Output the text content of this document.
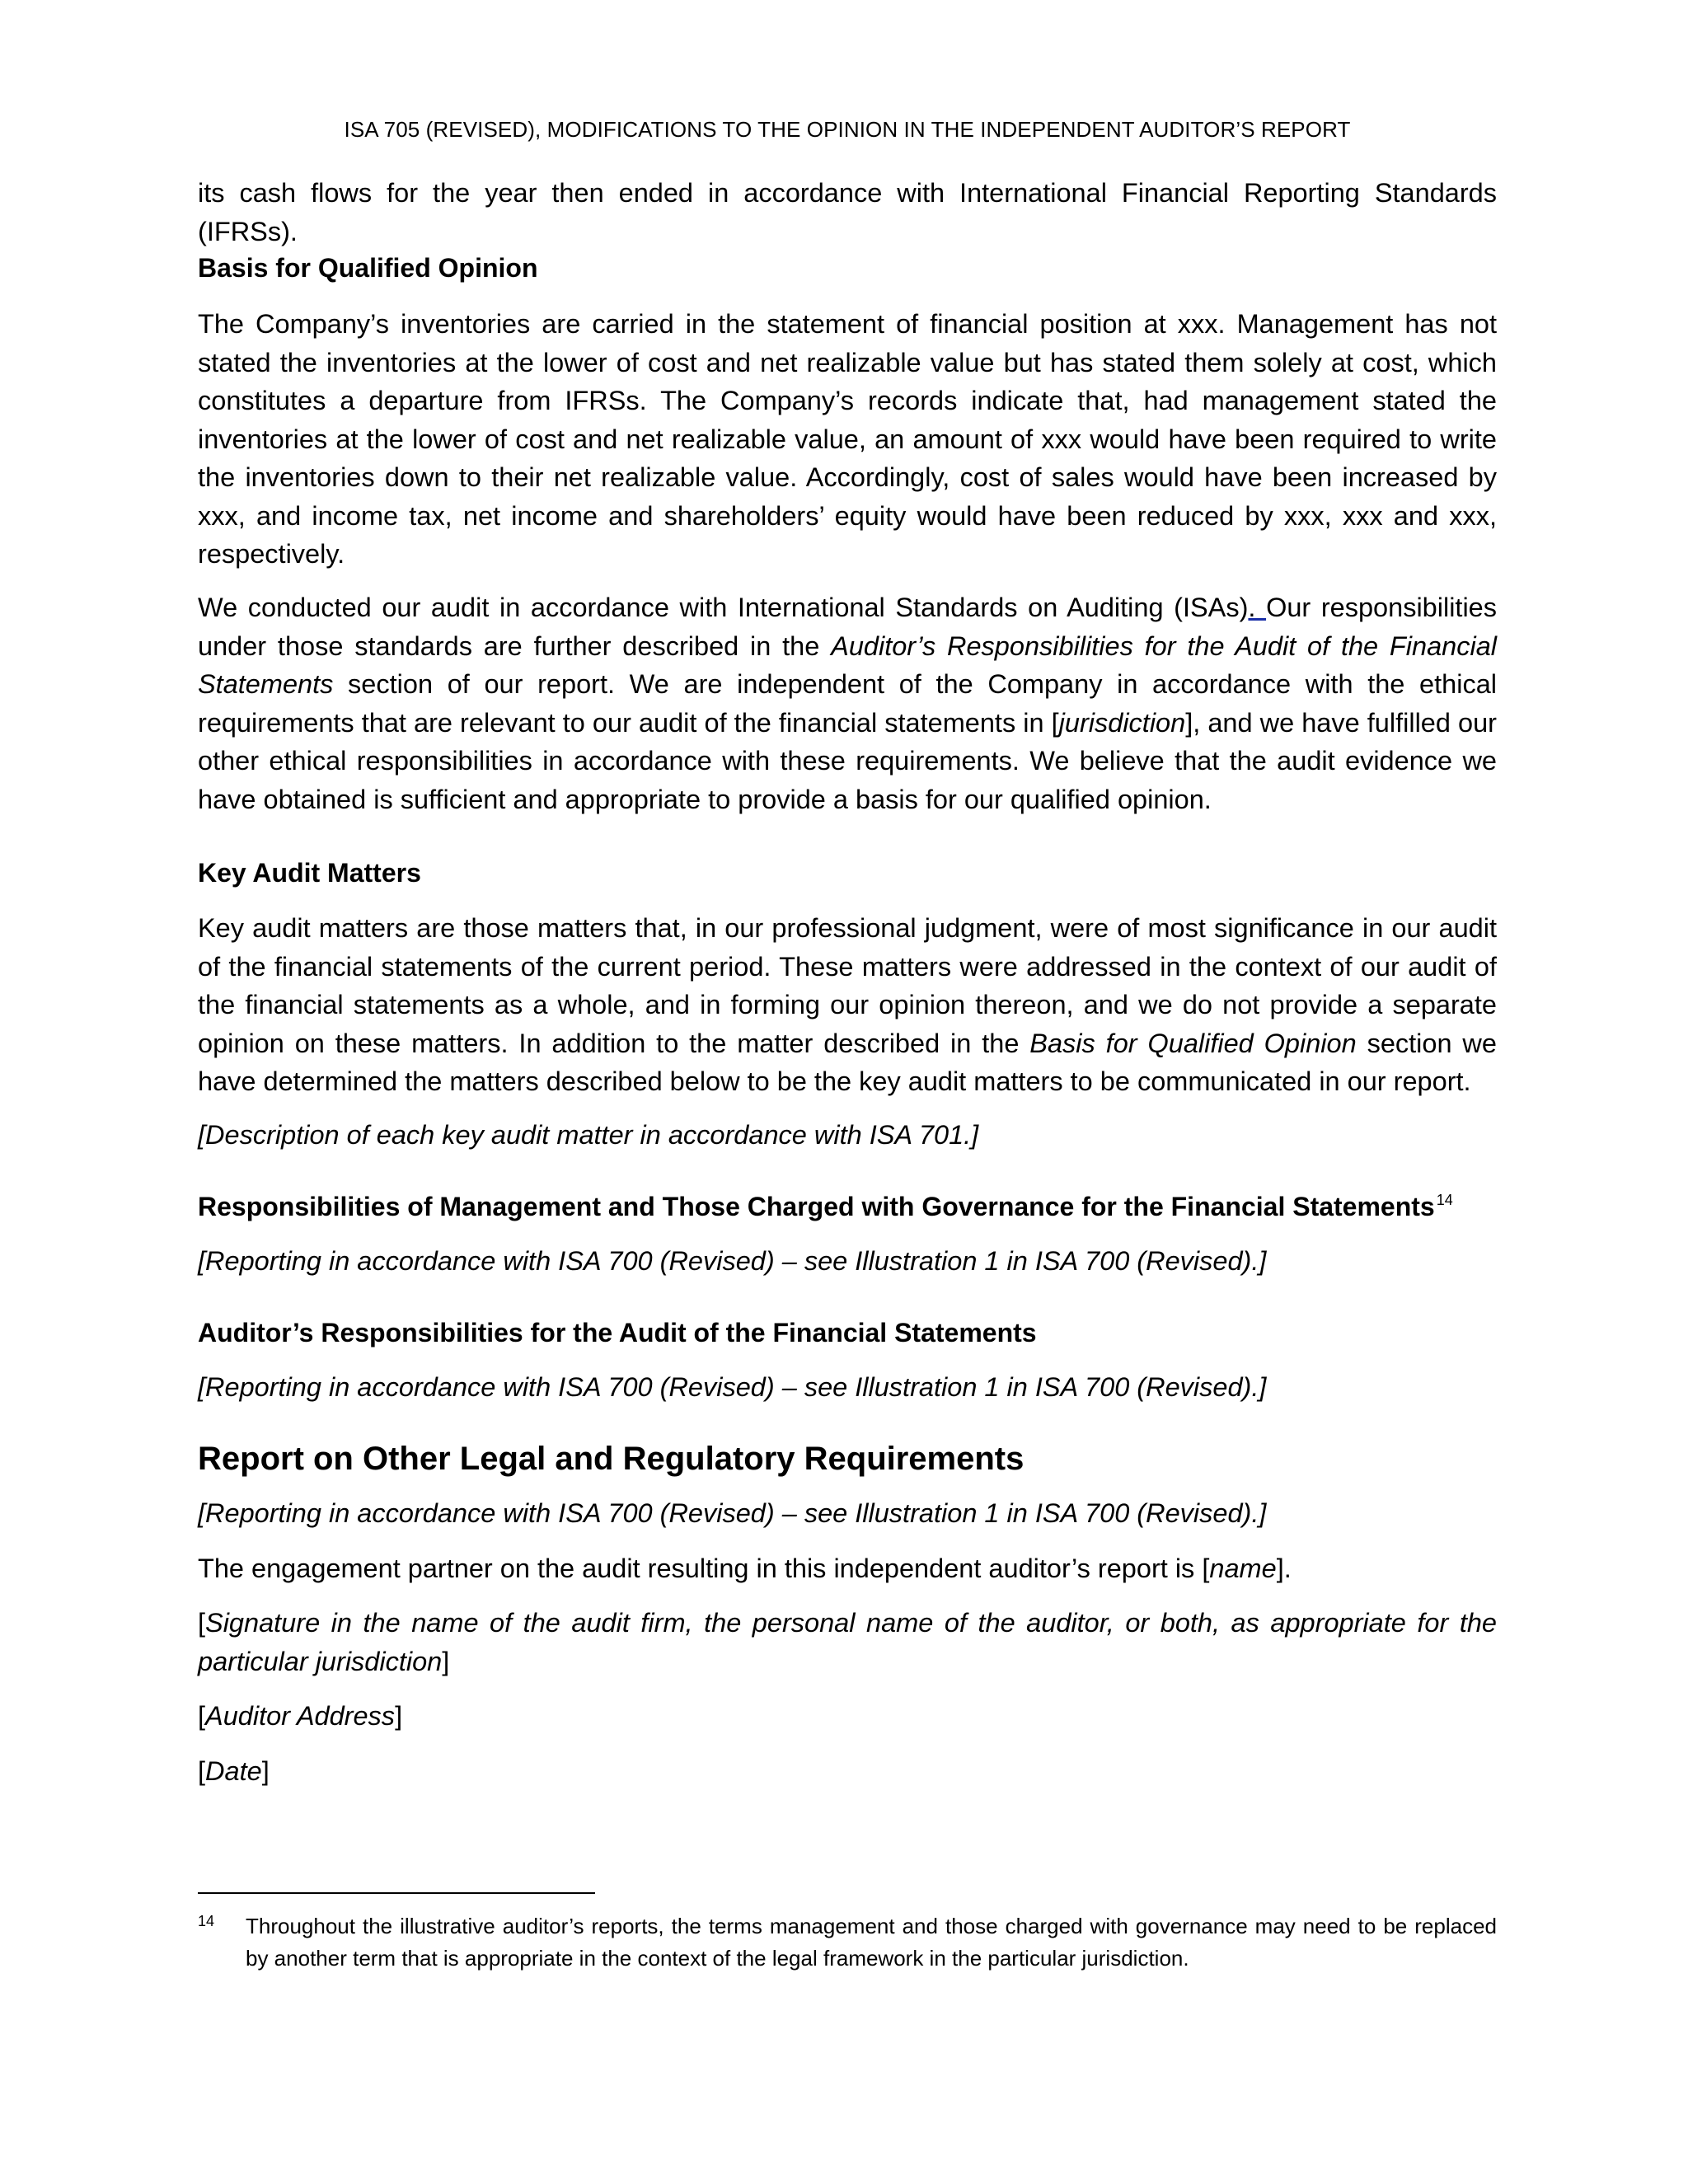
ISA 705 (REVISED), MODIFICATIONS TO THE OPINION IN THE INDEPENDENT AUDITOR’S REPORT

its cash flows for the year then ended in accordance with International Financial Reporting Standards (IFRSs).

Basis for Qualified Opinion

The Company’s inventories are carried in the statement of financial position at xxx. Management has not stated the inventories at the lower of cost and net realizable value but has stated them solely at cost, which constitutes a departure from IFRSs. The Company’s records indicate that, had management stated the inventories at the lower of cost and net realizable value, an amount of xxx would have been required to write the inventories down to their net realizable value. Accordingly, cost of sales would have been increased by xxx, and income tax, net income and shareholders’ equity would have been reduced by xxx, xxx and xxx, respectively.

We conducted our audit in accordance with International Standards on Auditing (ISAs). Our responsibilities under those standards are further described in the Auditor’s Responsibilities for the Audit of the Financial Statements section of our report. We are independent of the Company in accordance with the ethical requirements that are relevant to our audit of the financial statements in [jurisdiction], and we have fulfilled our other ethical responsibilities in accordance with these requirements. We believe that the audit evidence we have obtained is sufficient and appropriate to provide a basis for our qualified opinion.

Key Audit Matters

Key audit matters are those matters that, in our professional judgment, were of most significance in our audit of the financial statements of the current period. These matters were addressed in the context of our audit of the financial statements as a whole, and in forming our opinion thereon, and we do not provide a separate opinion on these matters. In addition to the matter described in the Basis for Qualified Opinion section we have determined the matters described below to be the key audit matters to be communicated in our report.

[Description of each key audit matter in accordance with ISA 701.]

Responsibilities of Management and Those Charged with Governance for the Financial Statements $^{14}$

[Reporting in accordance with ISA 700 (Revised) – see Illustration 1 in ISA 700 (Revised).]

Auditor’s Responsibilities for the Audit of the Financial Statements

[Reporting in accordance with ISA 700 (Revised) – see Illustration 1 in ISA 700 (Revised).]

Report on Other Legal and Regulatory Requirements

[Reporting in accordance with ISA 700 (Revised) – see Illustration 1 in ISA 700 (Revised).]

The engagement partner on the audit resulting in this independent auditor’s report is [name].

[Signature in the name of the audit firm, the personal name of the auditor, or both, as appropriate for the particular jurisdiction]

[Auditor Address]

[Date]

14 Throughout the illustrative auditor’s reports, the terms management and those charged with governance may need to be replaced by another term that is appropriate in the context of the legal framework in the particular jurisdiction.
